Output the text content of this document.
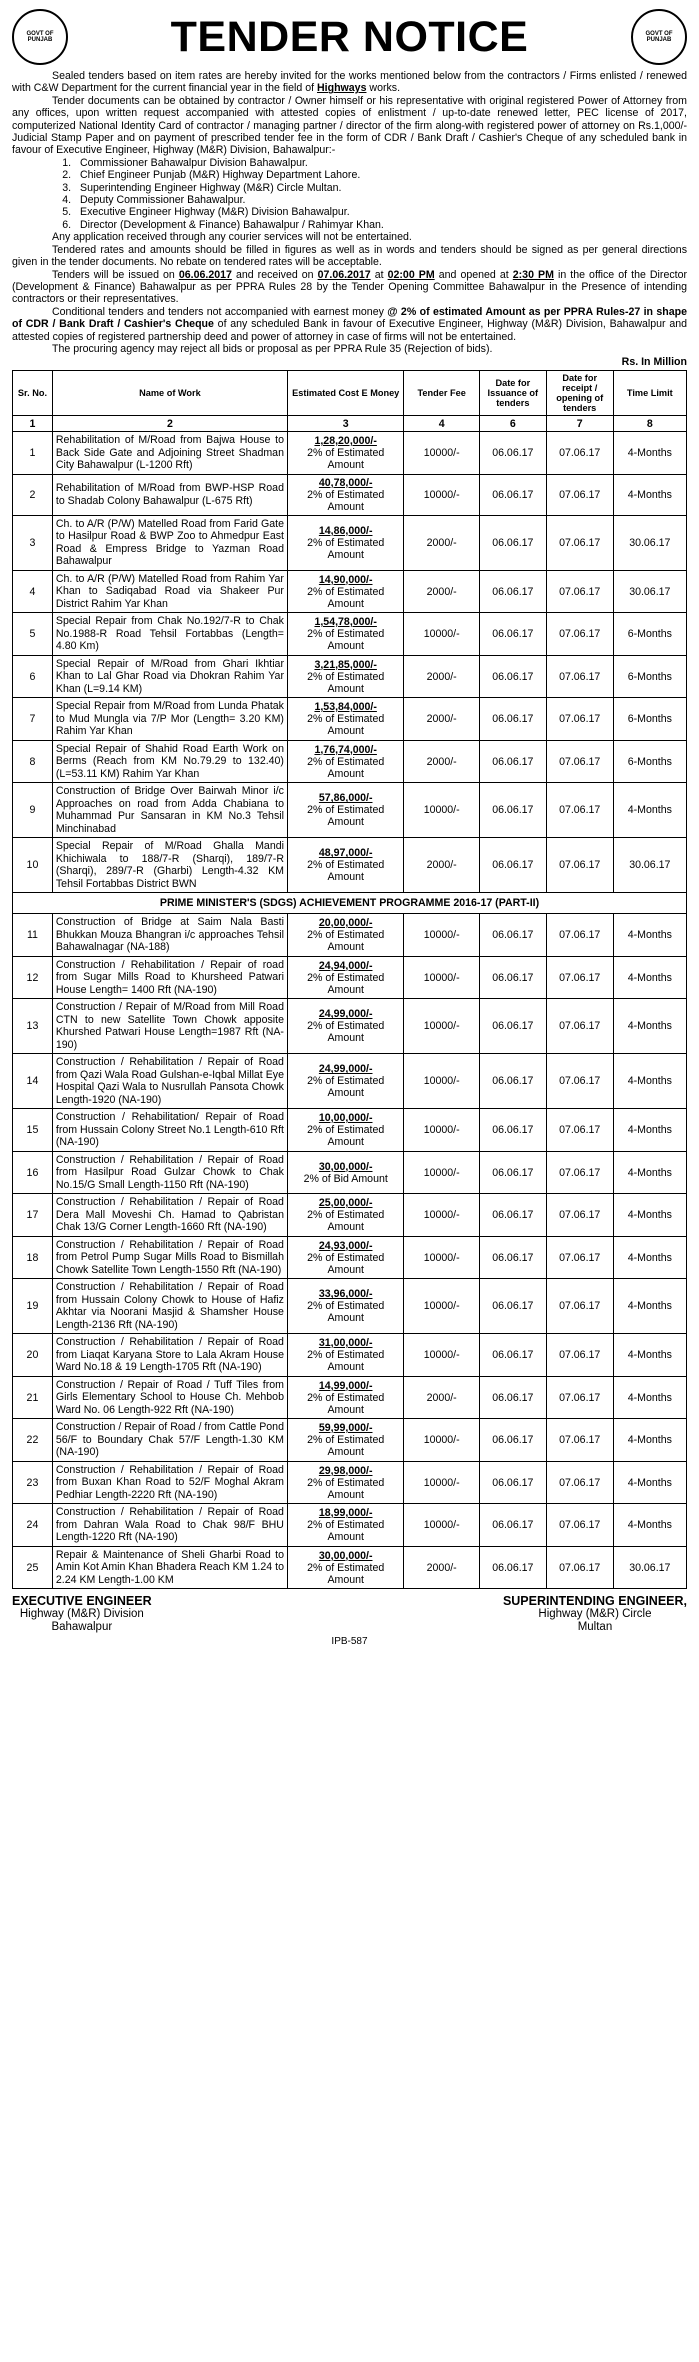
GOVT OF PUNJAB	TENDER NOTICE	GOVT OF PUNJAB

Sealed tenders based on item rates are hereby invited for the works mentioned below from the contractors / Firms enlisted / renewed with C&W Department for the current financial year in the field of Highways works.

Tender documents can be obtained by contractor / Owner himself or his representative with original registered Power of Attorney from any offices, upon written request accompanied with attested copies of enlistment / up-to-date renewed letter, PEC license of 2017, computerized National Identity Card of contractor / managing partner / director of the firm along-with registered power of attorney on Rs.1,000/- Judicial Stamp Paper and on payment of prescribed tender fee in the form of CDR / Bank Draft / Cashier's Cheque of any scheduled bank in favour of Executive Engineer, Highway (M&R) Division, Bahawalpur:-

1. Commissioner Bahawalpur Division Bahawalpur.
2. Chief Engineer Punjab (M&R) Highway Department Lahore.
3. Superintending Engineer Highway (M&R) Circle Multan.
4. Deputy Commissioner Bahawalpur.
5. Executive Engineer Highway (M&R) Division Bahawalpur.
6. Director (Development & Finance) Bahawalpur / Rahimyar Khan.

Any application received through any courier services will not be entertained.

Tendered rates and amounts should be filled in figures as well as in words and tenders should be signed as per general directions given in the tender documents. No rebate on tendered rates will be acceptable.

Tenders will be issued on 06.06.2017 and received on 07.06.2017 at 02:00 PM and opened at 2:30 PM in the office of the Director (Development & Finance) Bahawalpur as per PPRA Rules 28 by the Tender Opening Committee Bahawalpur in the Presence of intending contractors or their representatives.

Conditional tenders and tenders not accompanied with earnest money @ 2% of estimated Amount as per PPRA Rules-27 in shape of CDR / Bank Draft / Cashier's Cheque of any scheduled Bank in favour of Executive Engineer, Highway (M&R) Division, Bahawalpur and attested copies of registered partnership deed and power of attorney in case of firms will not be entertained.

The procuring agency may reject all bids or proposal as per PPRA Rule 35 (Rejection of bids).

Rs. In Million
Sr. No.	Name of Work	Estimated Cost E Money	Tender Fee	Date for Issuance of tenders	Date for receipt / opening of tenders	Time Limit
1	2	3	4	6	7	8
1	Rehabilitation of M/Road from Bajwa House to Back Side Gate and Adjoining Street Shadman City Bahawalpur (L-1200 Rft)	1,28,20,000/-
2% of Estimated Amount	10000/-	06.06.17	07.06.17	4-Months
2	Rehabilitation of M/Road from BWP-HSP Road to Shadab Colony Bahawalpur (L-675 Rft)	40,78,000/-
2% of Estimated Amount	10000/-	06.06.17	07.06.17	4-Months
3	Ch. to A/R (P/W) Matelled Road from Farid Gate to Hasilpur Road & BWP Zoo to Ahmedpur East Road & Empress Bridge to Yazman Road Bahawalpur	14,86,000/-
2% of Estimated Amount	2000/-	06.06.17	07.06.17	30.06.17
4	Ch. to A/R (P/W) Matelled Road from Rahim Yar Khan to Sadiqabad Road via Shakeer Pur District Rahim Yar Khan	14,90,000/-
2% of Estimated Amount	2000/-	06.06.17	07.06.17	30.06.17
5	Special Repair from Chak No.192/7-R to Chak No.1988-R Road Tehsil Fortabbas (Length= 4.80 Km)	1,54,78,000/-
2% of Estimated Amount	10000/-	06.06.17	07.06.17	6-Months
6	Special Repair of M/Road from Ghari Ikhtiar Khan to Lal Ghar Road via Dhokran Rahim Yar Khan (L=9.14 KM)	3,21,85,000/-
2% of Estimated Amount	2000/-	06.06.17	07.06.17	6-Months
7	Special Repair from M/Road from Lunda Phatak to Mud Mungla via 7/P Mor (Length= 3.20 KM) Rahim Yar Khan	1,53,84,000/-
2% of Estimated Amount	2000/-	06.06.17	07.06.17	6-Months
8	Special Repair of Shahid Road Earth Work on Berms (Reach from KM No.79.29 to 132.40) (L=53.11 KM) Rahim Yar Khan	1,76,74,000/-
2% of Estimated Amount	2000/-	06.06.17	07.06.17	6-Months
9	Construction of Bridge Over Bairwah Minor i/c Approaches on road from Adda Chabiana to Muhammad Pur Sansaran in KM No.3 Tehsil Minchinabad	57,86,000/-
2% of Estimated Amount	10000/-	06.06.17	07.06.17	4-Months
10	Special Repair of M/Road Ghalla Mandi Khichiwala to 188/7-R (Sharqi), 189/7-R (Sharqi), 289/7-R (Gharbi) Length-4.32 KM Tehsil Fortabbas District BWN	48,97,000/-
2% of Estimated Amount	2000/-	06.06.17	07.06.17	30.06.17
PRIME MINISTER'S (SDGS) ACHIEVEMENT PROGRAMME 2016-17 (PART-II)						
11	Construction of Bridge at Saim Nala Basti Bhukkan Mouza Bhangran i/c approaches Tehsil Bahawalnagar (NA-188)	20,00,000/-
2% of Estimated Amount	10000/-	06.06.17	07.06.17	4-Months
12	Construction / Rehabilitation / Repair of road from Sugar Mills Road to Khursheed Patwari House Length= 1400 Rft (NA-190)	24,94,000/-
2% of Estimated Amount	10000/-	06.06.17	07.06.17	4-Months
13	Construction / Repair of M/Road from Mill Road CTN to new Satellite Town Chowk apposite Khurshed Patwari House Length=1987 Rft (NA-190)	24,99,000/-
2% of Estimated Amount	10000/-	06.06.17	07.06.17	4-Months
14	Construction / Rehabilitation / Repair of Road from Qazi Wala Road Gulshan-e-Iqbal Millat Eye Hospital Qazi Wala to Nusrullah Pansota Chowk Length-1920 (NA-190)	24,99,000/-
2% of Estimated Amount	10000/-	06.06.17	07.06.17	4-Months
15	Construction / Rehabilitation/ Repair of Road from Hussain Colony Street No.1 Length-610 Rft (NA-190)	10,00,000/-
2% of Estimated Amount	10000/-	06.06.17	07.06.17	4-Months
16	Construction / Rehabilitation / Repair of Road from Hasilpur Road Gulzar Chowk to Chak No.15/G Small Length-1150 Rft (NA-190)	30,00,000/-
2% of Bid Amount	10000/-	06.06.17	07.06.17	4-Months
17	Construction / Rehabilitation / Repair of Road Dera Mall Moveshi Ch. Hamad to Qabristan Chak 13/G Corner Length-1660 Rft (NA-190)	25,00,000/-
2% of Estimated Amount	10000/-	06.06.17	07.06.17	4-Months
18	Construction / Rehabilitation / Repair of Road from Petrol Pump Sugar Mills Road to Bismillah Chowk Satellite Town Length-1550 Rft (NA-190)	24,93,000/-
2% of Estimated Amount	10000/-	06.06.17	07.06.17	4-Months
19	Construction / Rehabilitation / Repair of Road from Hussain Colony Chowk to House of Hafiz Akhtar via Noorani Masjid & Shamsher House Length-2136 Rft (NA-190)	33,96,000/-
2% of Estimated Amount	10000/-	06.06.17	07.06.17	4-Months
20	Construction / Rehabilitation / Repair of Road from Liaqat Karyana Store to Lala Akram House Ward No.18 & 19 Length-1705 Rft (NA-190)	31,00,000/-
2% of Estimated Amount	10000/-	06.06.17	07.06.17	4-Months
21	Construction / Repair of Road / Tuff Tiles from Girls Elementary School to House Ch. Mehbob Ward No. 06 Length-922 Rft (NA-190)	14,99,000/-
2% of Estimated Amount	2000/-	06.06.17	07.06.17	4-Months
22	Construction / Repair of Road / from Cattle Pond 56/F to Boundary Chak 57/F Length-1.30 KM (NA-190)	59,99,000/-
2% of Estimated Amount	10000/-	06.06.17	07.06.17	4-Months
23	Construction / Rehabilitation / Repair of Road from Buxan Khan Road to 52/F Moghal Akram Pedhiar Length-2220 Rft (NA-190)	29,98,000/-
2% of Estimated Amount	10000/-	06.06.17	07.06.17	4-Months
24	Construction / Rehabilitation / Repair of Road from Dahran Wala Road to Chak 98/F BHU Length-1220 Rft (NA-190)	18,99,000/-
2% of Estimated Amount	10000/-	06.06.17	07.06.17	4-Months
25	Repair & Maintenance of Sheli Gharbi Road to Amin Kot Amin Khan Bhadera Reach KM 1.24 to 2.24 KM Length-1.00 KM	30,00,000/-
2% of Estimated Amount	2000/-	06.06.17	07.06.17	30.06.17
EXECUTIVE ENGINEER
Highway (M&R) Division
Bahawalpur
SUPERINTENDING ENGINEER,
Highway (M&R) Circle
Multan
IPB-587
